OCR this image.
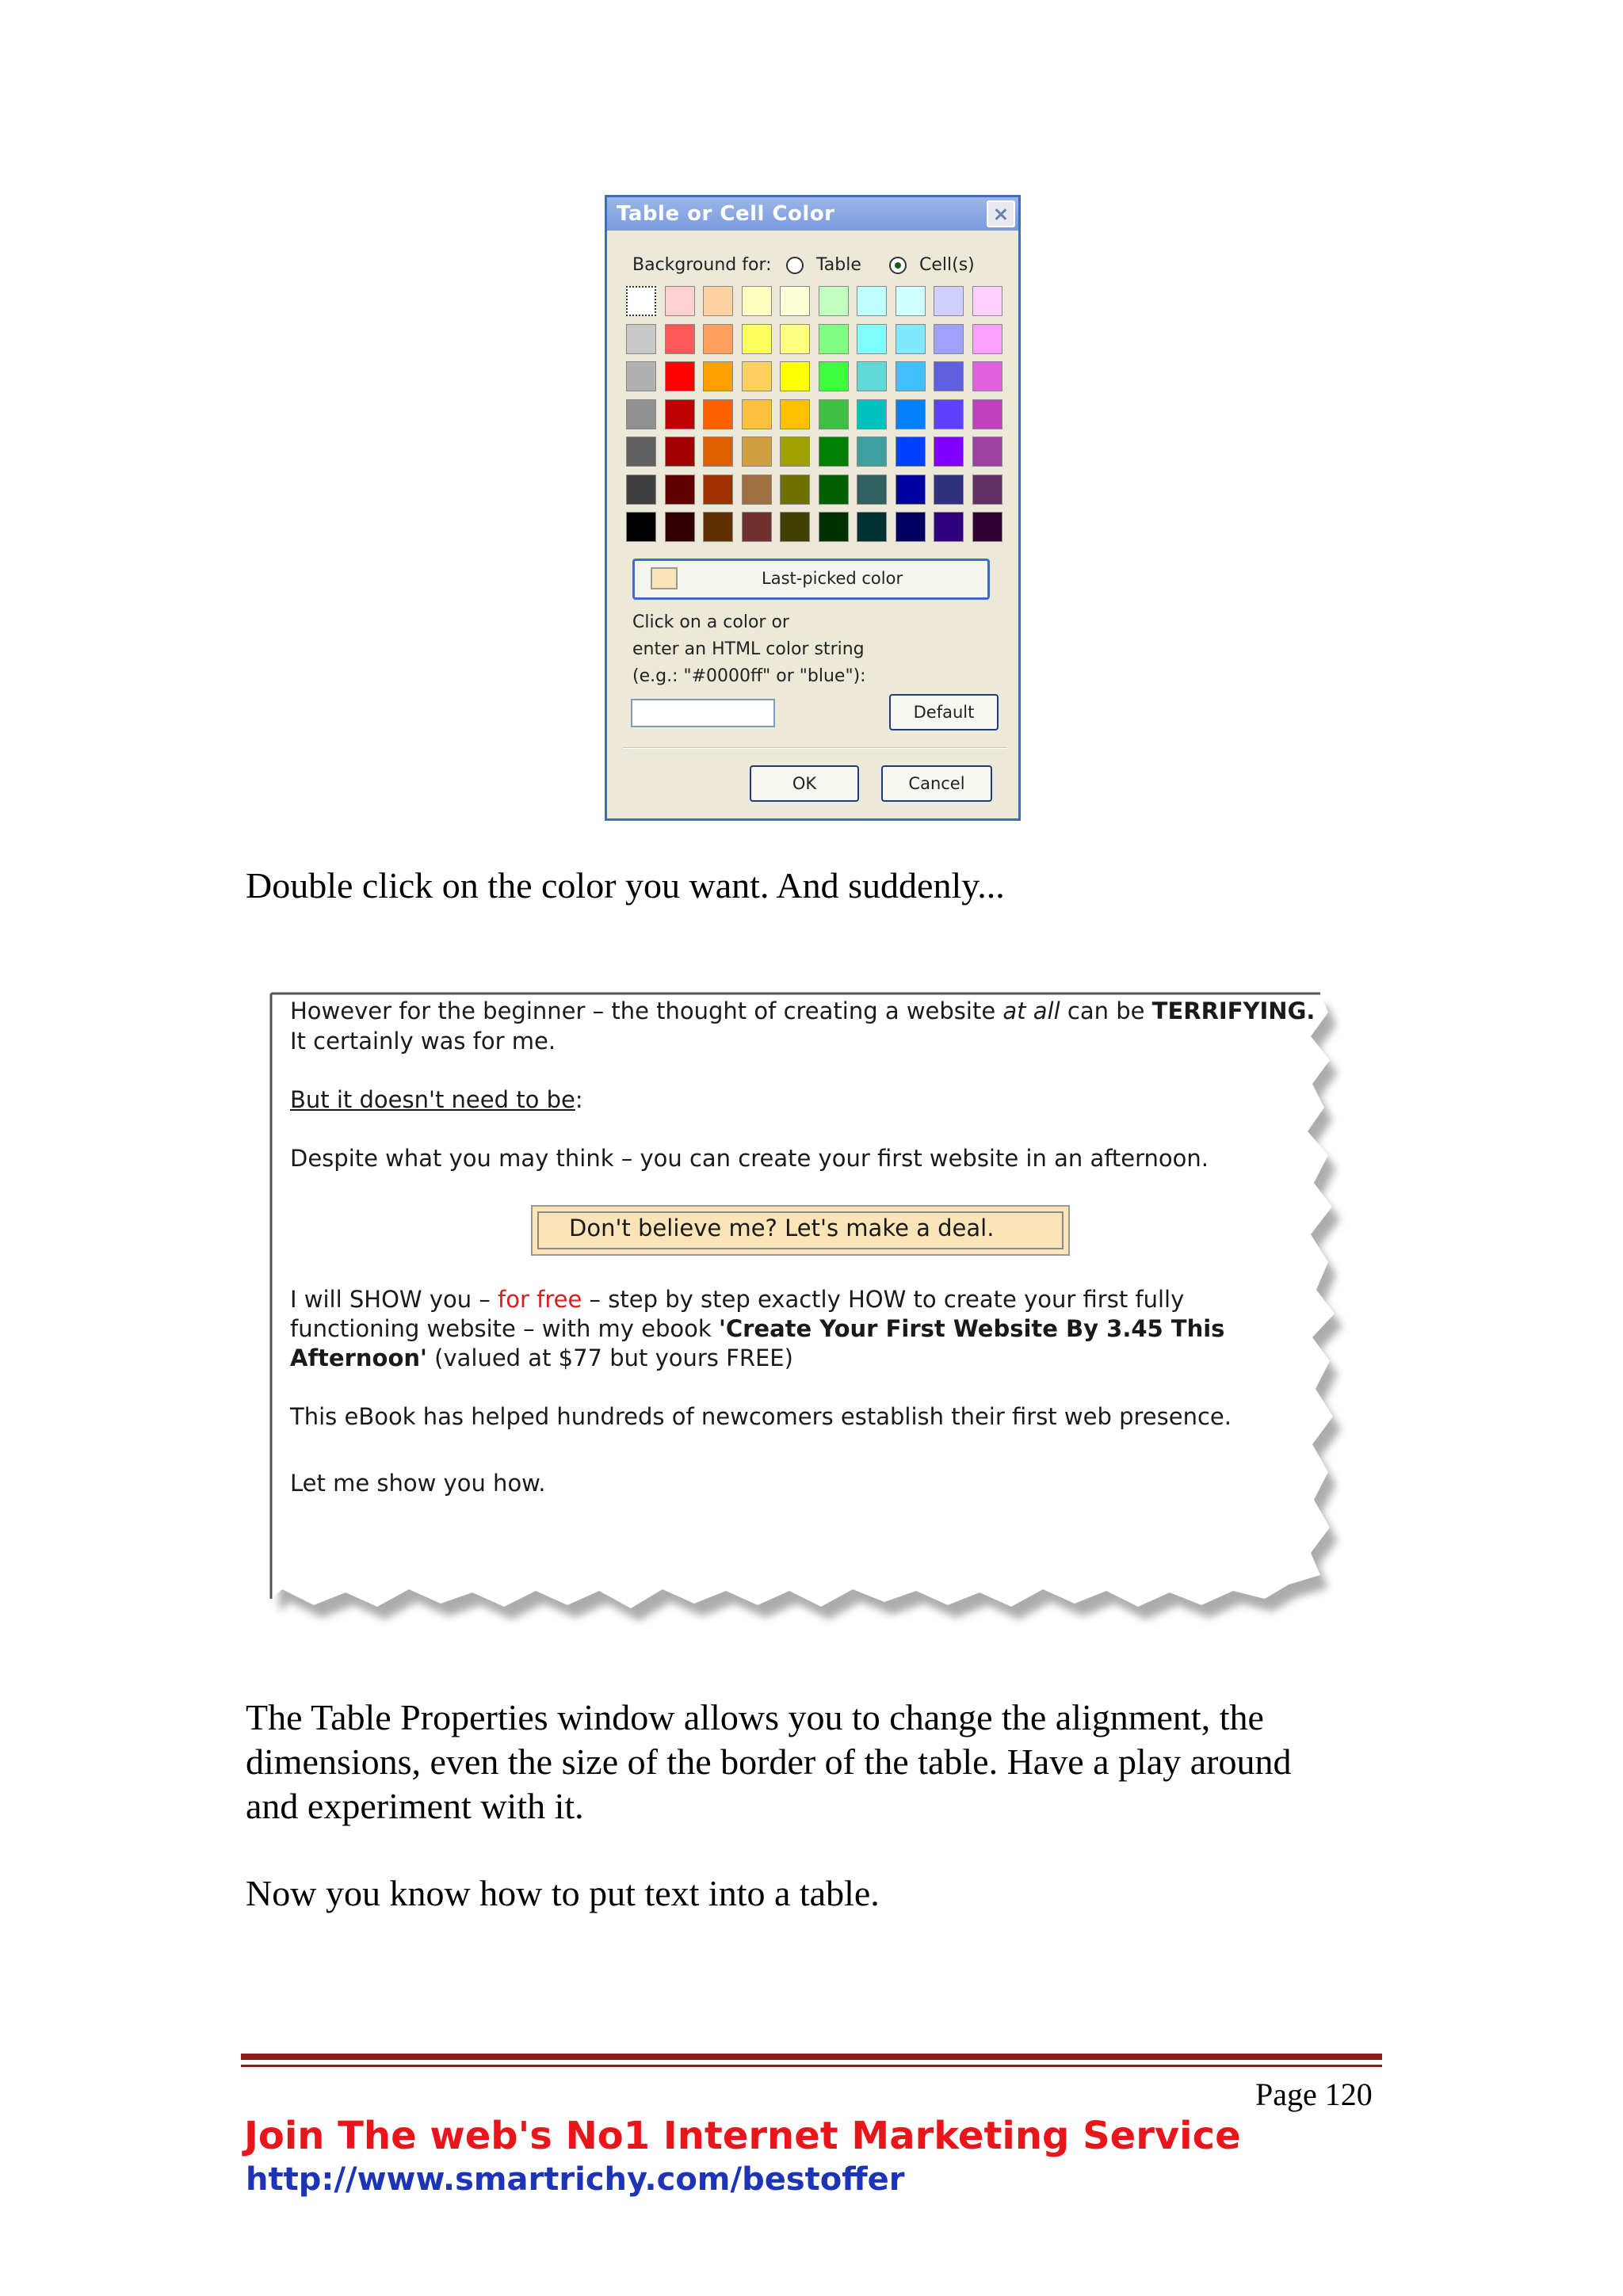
Table or Cell Color
Background for:	Table	Cell(s)
Last-picked color
Click on a color or
enter an HTML color string
(e.g.: "#0000ff" or "blue"):
Default
OK	Cancel
Double click on the color you want. And suddenly...
However for the beginner – the thought of creating a website at all can be TERRIFYING.
It certainly was for me.
But it doesn't need to be:
Despite what you may think – you can create your first website in an afternoon.
Don't believe me? Let's make a deal.
I will SHOW you – for free – step by step exactly HOW to create your first fully
functioning website – with my ebook 'Create Your First Website By 3.45 This
Afternoon' (valued at $77 but yours FREE)
This eBook has helped hundreds of newcomers establish their first web presence.
Let me show you how.
The Table Properties window allows you to change the alignment, the
dimensions, even the size of the border of the table. Have a play around
and experiment with it.
Now you know how to put text into a table.
Page 120
Join The web's No1 Internet Marketing Service
http://www.smartrichy.com/bestoffer
